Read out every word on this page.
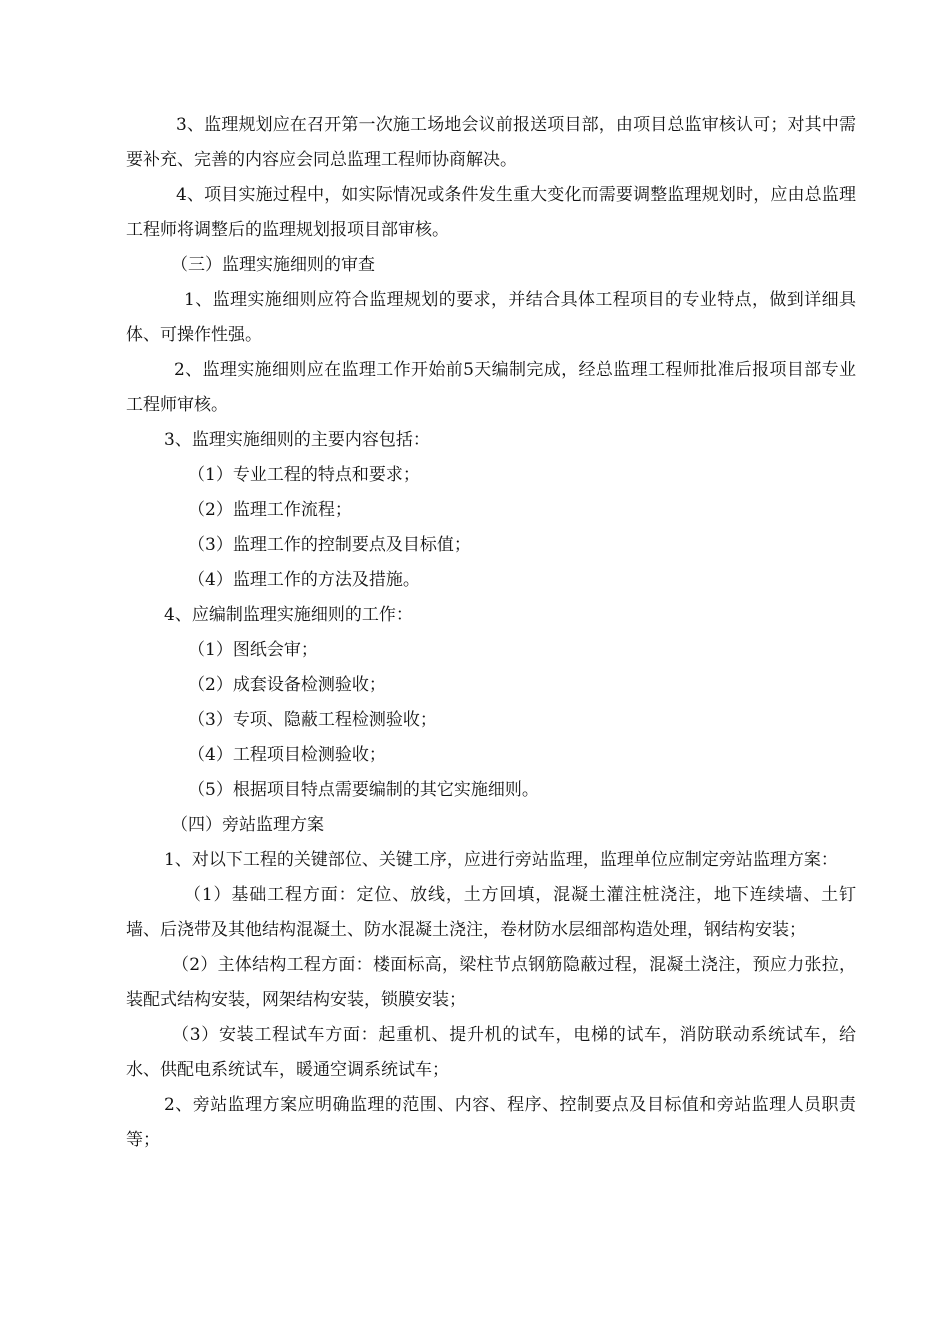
3、监理规划应在召开第一次施工场地会议前报送项目部，由项目总监审核认可；对其中需要补充、完善的内容应会同总监理工程师协商解决。

4、项目实施过程中，如实际情况或条件发生重大变化而需要调整监理规划时，应由总监理工程师将调整后的监理规划报项目部审核。

（三）监理实施细则的审查

1、监理实施细则应符合监理规划的要求，并结合具体工程项目的专业特点，做到详细具体、可操作性强。

2、监理实施细则应在监理工作开始前5天编制完成，经总监理工程师批准后报项目部专业工程师审核。

3、监理实施细则的主要内容包括：

（1）专业工程的特点和要求；

（2）监理工作流程；

（3）监理工作的控制要点及目标值；

（4）监理工作的方法及措施。

4、应编制监理实施细则的工作：

（1）图纸会审；

（2）成套设备检测验收；

（3）专项、隐蔽工程检测验收；

（4）工程项目检测验收；

（5）根据项目特点需要编制的其它实施细则。

（四）旁站监理方案

1、对以下工程的关键部位、关键工序，应进行旁站监理，监理单位应制定旁站监理方案：

（1）基础工程方面：定位、放线，土方回填，混凝土灌注桩浇注，地下连续墙、土钉墙、后浇带及其他结构混凝土、防水混凝土浇注，卷材防水层细部构造处理，钢结构安装；

（2）主体结构工程方面：楼面标高，梁柱节点钢筋隐蔽过程，混凝土浇注，预应力张拉，装配式结构安装，网架结构安装，锁膜安装；

（3）安装工程试车方面：起重机、提升机的试车，电梯的试车，消防联动系统试车，给水、供配电系统试车，暖通空调系统试车；

2、旁站监理方案应明确监理的范围、内容、程序、控制要点及目标值和旁站监理人员职责等；
